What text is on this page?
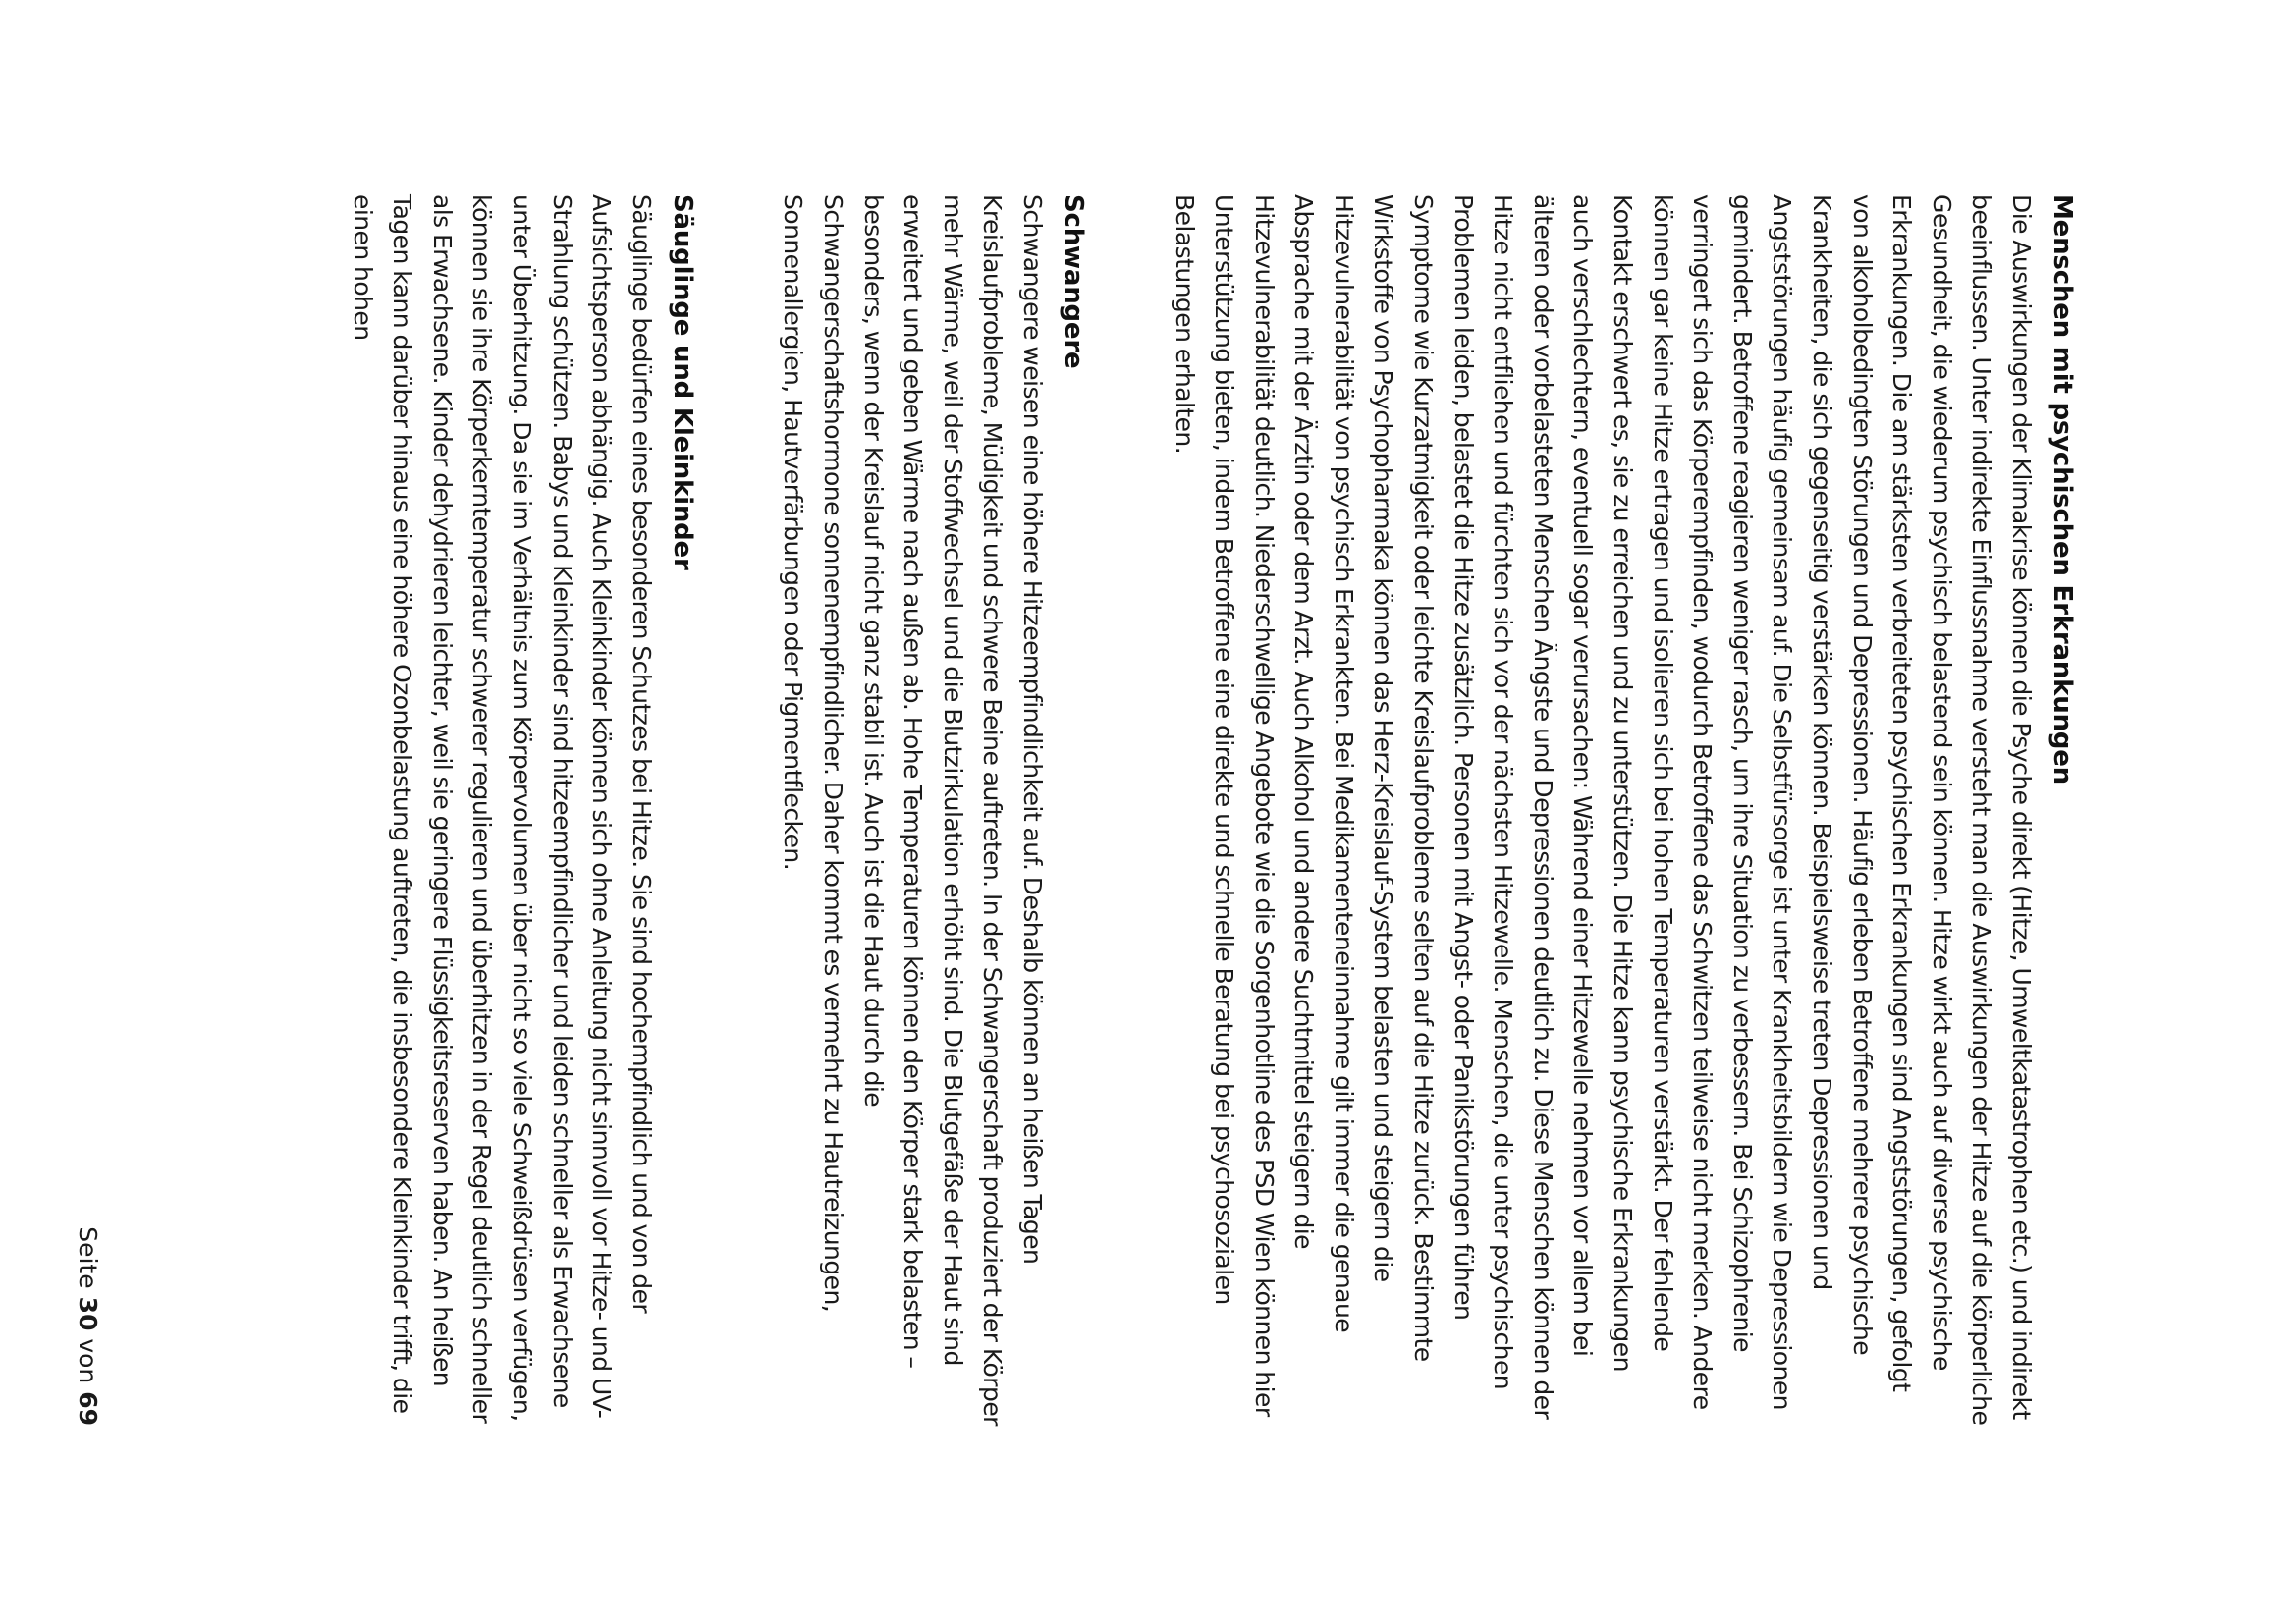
Menschen mit psychischen Erkrankungen

Die Auswirkungen der Klimakrise können die Psyche direkt (Hitze, Umweltkatastrophen etc.) und indirekt beeinflussen. Unter indirekte Einflussnahme versteht man die Auswirkungen der Hitze auf die körperliche Gesundheit, die wiederum psychisch belastend sein können. Hitze wirkt auch auf diverse psychische Erkrankungen. Die am stärksten verbreiteten psychischen Erkrankungen sind Angststörungen, gefolgt von alkoholbedingten Störungen und Depressionen. Häufig erleben Betroffene mehrere psychische Krankheiten, die sich gegenseitig verstärken können. Beispielsweise treten Depressionen und Angststörungen häufig gemeinsam auf. Die Selbstfürsorge ist unter Krankheitsbildern wie Depressionen gemindert. Betroffene reagieren weniger rasch, um ihre Situation zu verbessern. Bei Schizophrenie verringert sich das Körperempfinden, wodurch Betroffene das Schwitzen teilweise nicht merken. Andere können gar keine Hitze ertragen und isolieren sich bei hohen Temperaturen verstärkt. Der fehlende Kontakt erschwert es, sie zu erreichen und zu unterstützen. Die Hitze kann psychische Erkrankungen auch verschlechtern, eventuell sogar verursachen: Während einer Hitzewelle nehmen vor allem bei älteren oder vorbelasteten Menschen Ängste und Depressionen deutlich zu. Diese Menschen können der Hitze nicht entfliehen und fürchten sich vor der nächsten Hitzewelle. Menschen, die unter psychischen Problemen leiden, belastet die Hitze zusätzlich. Personen mit Angst- oder Panikstörungen führen Symptome wie Kurzatmigkeit oder leichte Kreislaufprobleme selten auf die Hitze zurück. Bestimmte Wirkstoffe von Psychopharmaka können das Herz-Kreislauf-System belasten und steigern die Hitzevulnerabilität von psychisch Erkrankten. Bei Medikamenteneinnahme gilt immer die genaue Absprache mit der Ärztin oder dem Arzt. Auch Alkohol und andere Suchtmittel steigern die Hitzevulnerabilität deutlich. Niederschwellige Angebote wie die Sorgenhotline des PSD Wien können hier Unterstützung bieten, indem Betroffene eine direkte und schnelle Beratung bei psychosozialen Belastungen erhalten.

Schwangere

Schwangere weisen eine höhere Hitzeempfindlichkeit auf. Deshalb können an heißen Tagen Kreislaufprobleme, Müdigkeit und schwere Beine auftreten. In der Schwangerschaft produziert der Körper mehr Wärme, weil der Stoffwechsel und die Blutzirkulation erhöht sind. Die Blutgefäße der Haut sind erweitert und geben Wärme nach außen ab. Hohe Temperaturen können den Körper stark belasten – besonders, wenn der Kreislauf nicht ganz stabil ist. Auch ist die Haut durch die Schwangerschaftshormone sonnenempfindlicher. Daher kommt es vermehrt zu Hautreizungen, Sonnenallergien, Hautverfärbungen oder Pigmentflecken.

Säuglinge und Kleinkinder

Säuglinge bedürfen eines besonderen Schutzes bei Hitze. Sie sind hochempfindlich und von der Aufsichtsperson abhängig. Auch Kleinkinder können sich ohne Anleitung nicht sinnvoll vor Hitze- und UV-Strahlung schützen. Babys und Kleinkinder sind hitzeempfindlicher und leiden schneller als Erwachsene unter Überhitzung. Da sie im Verhältnis zum Körpervolumen über nicht so viele Schweißdrüsen verfügen, können sie ihre Körperkerntemperatur schwerer regulieren und überhitzen in der Regel deutlich schneller als Erwachsene. Kinder dehydrieren leichter, weil sie geringere Flüssigkeitsreserven haben. An heißen Tagen kann darüber hinaus eine höhere Ozonbelastung auftreten, die insbesondere Kleinkinder trifft, die einen hohen

Seite 30 von 69
